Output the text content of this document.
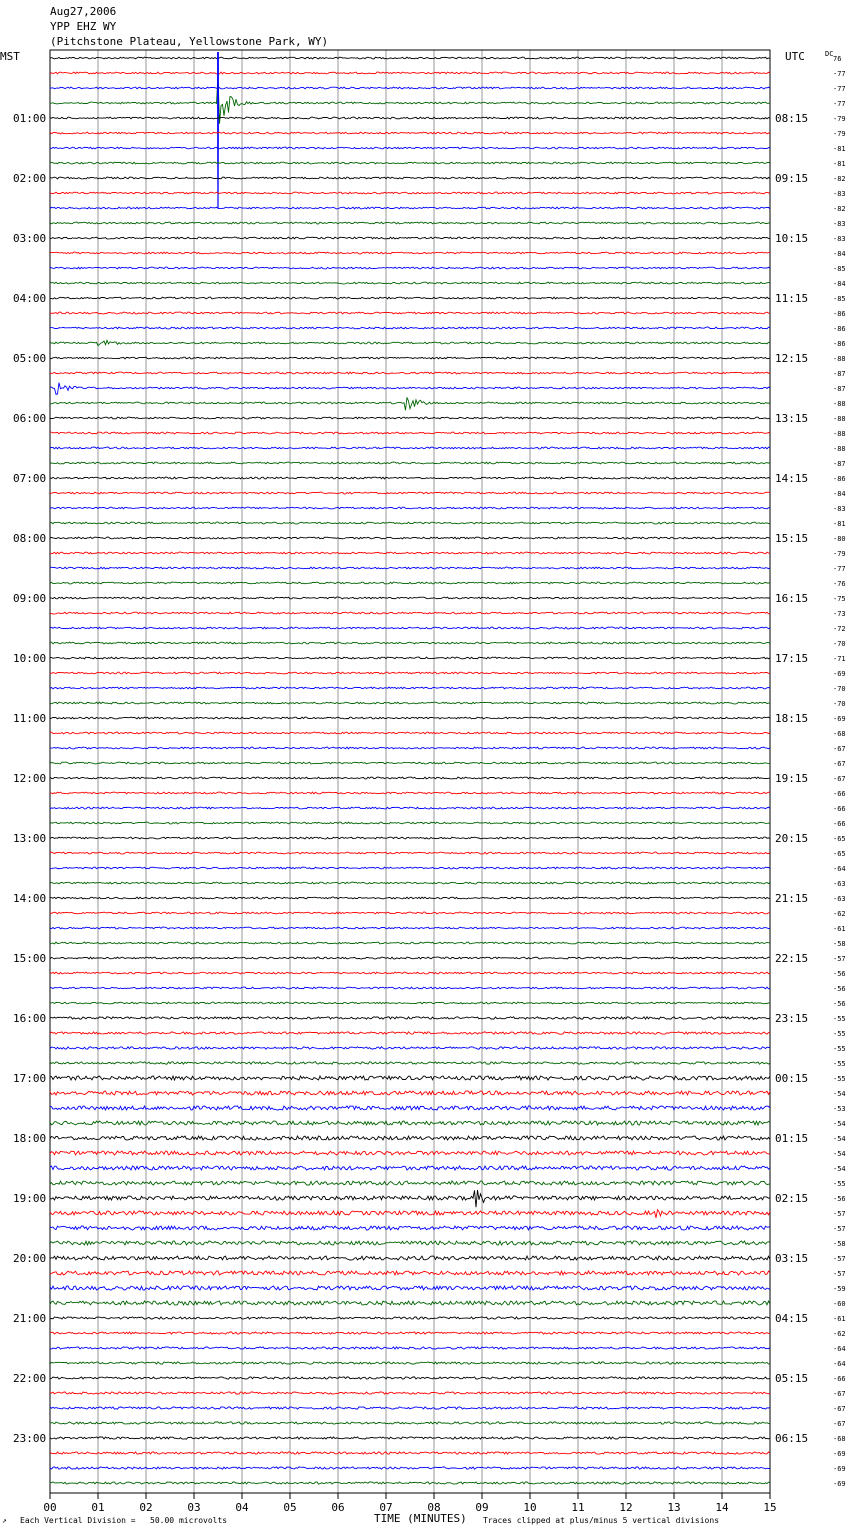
Aug27,2006
YPP EHZ WY
(Pitchstone Plateau, Yellowstone Park, WY)
MST	UTC
00	01	02	03	04	05	06	07	08	09	10	11	12	13	14	15
01:00
02:00
03:00
04:00
05:00
06:00
07:00
08:00
09:00
10:00
11:00
12:00
13:00
14:00
15:00
16:00
17:00
18:00
19:00
20:00
21:00
22:00
23:00
08:15
09:15
10:15
11:15
12:15
13:15
14:15
15:15
16:15
17:15
18:15
19:15
20:15
21:15
22:15
23:15
00:15
01:15
02:15
03:15
04:15
05:15
06:15
DC
76
-77
-77
-77
-79
-79
-81
-81
-82
-83
-82
-83
-83
-84
-85
-84
-85
-86
-86
-86
-88
-87
-87
-88
-88
-88
-88
-87
-86
-84
-83
-81
-80
-79
-77
-76
-75
-73
-72
-70
-71
-69
-70
-70
-69
-68
-67
-67
-67
-66
-66
-66
-65
-65
-64
-63
-63
-62
-61
-58
-57
-56
-56
-56
-55
-55
-55
-55
-55
-54
-53
-54
-54
-54
-54
-55
-56
-57
-57
-58
-57
-57
-59
-60
-61
-62
-64
-64
-66
-67
-67
-67
-68
-69
-69
-69
↗ Each Vertical Division =   50.00 microvolts	TIME (MINUTES) Traces clipped at plus/minus 5 vertical divisions
